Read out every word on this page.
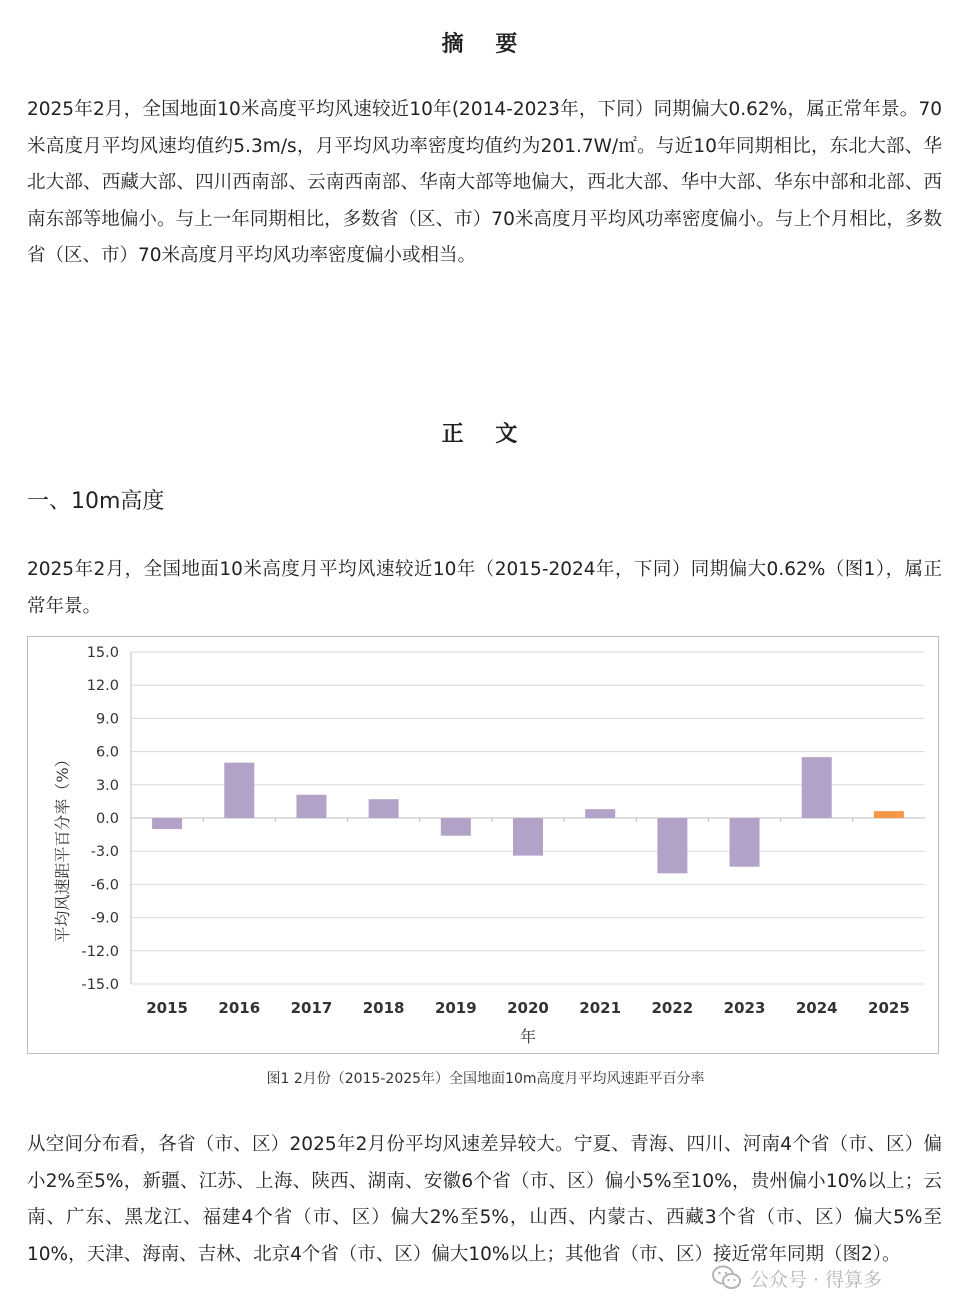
摘 要
2025年2月，全国地面10米高度平均风速较近10年(2014-2023年，下同）同期偏大0.62%，属正常年景。70米高度月平均风速均值约5.3m/s，月平均风功率密度均值约为201.7W/㎡。与近10年同期相比，东北大部、华北大部、西藏大部、四川西南部、云南西南部、华南大部等地偏大，西北大部、华中大部、华东中部和北部、西南东部等地偏小。与上一年同期相比，多数省（区、市）70米高度月平均风功率密度偏小。与上个月相比，多数省（区、市）70米高度月平均风功率密度偏小或相当。
正 文
一、10m高度
2025年2月，全国地面10米高度月平均风速较近10年（2015-2024年，下同）同期偏大0.62%（图1），属正常年景。
15.0
12.0
9.0
6.0
3.0
0.0
-3.0
-6.0
-9.0
-12.0
-15.0
2015 2016 2017 2018 2019 2020 2021 2022 2023 2024 2025
平均风速距平百分率（%）
年
图1 2月份（2015-2025年）全国地面10m高度月平均风速距平百分率
从空间分布看，各省（市、区）2025年2月份平均风速差异较大。宁夏、青海、四川、河南4个省（市、区）偏小2%至5%，新疆、江苏、上海、陕西、湖南、安徽6个省（市、区）偏小5%至10%，贵州偏小10%以上；云南、广东、黑龙江、福建4个省（市、区）偏大2%至5%，山西、内蒙古、西藏3个省（市、区）偏大5%至10%，天津、海南、吉林、北京4个省（市、区）偏大10%以上；其他省（市、区）接近常年同期（图2）。
公众号 · 得算多
